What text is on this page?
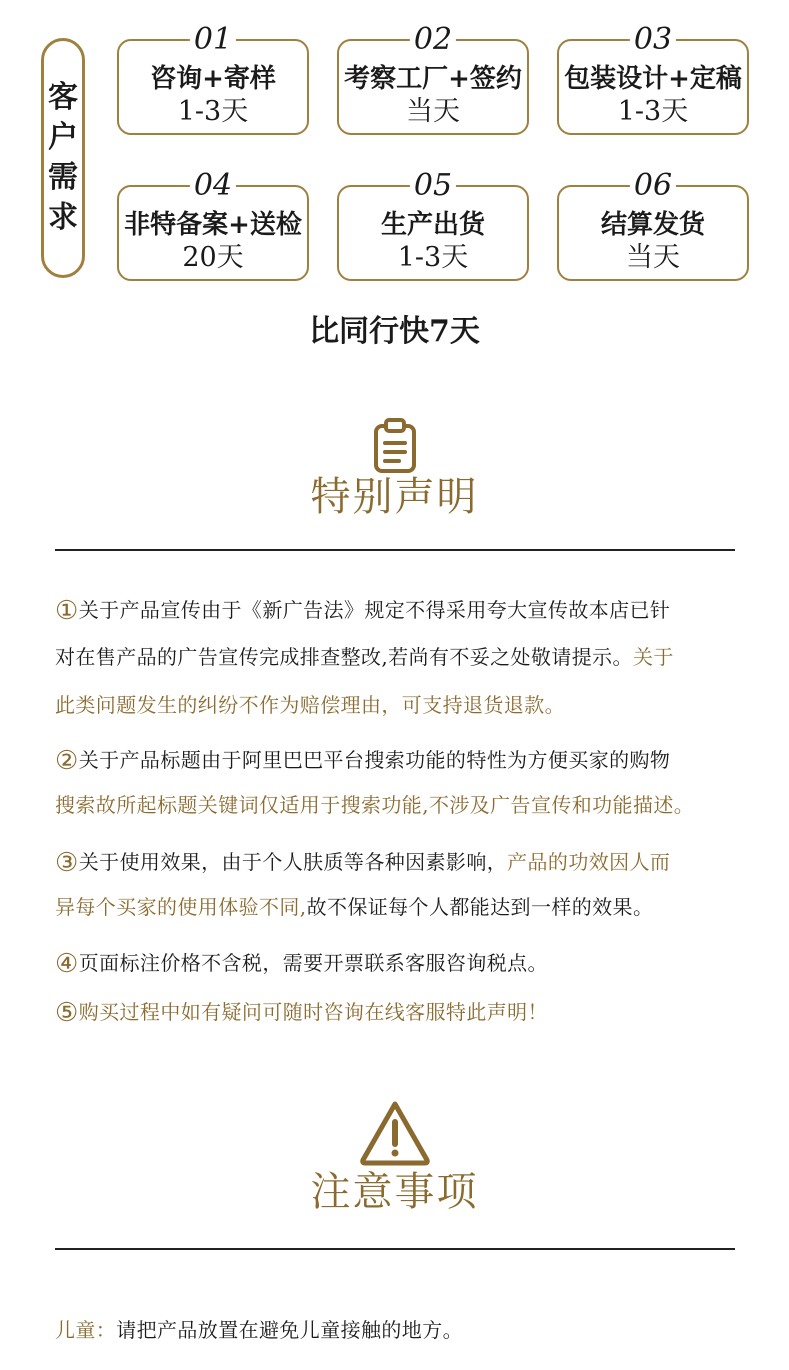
客
户
需
求
01
咨询+寄样
1-3天
02
考察工厂+签约
当天
03
包装设计+定稿
1-3天
04
非特备案+送检
20天
05
生产出货
1-3天
06
结算发货
当天
比同行快7天
特别声明
①关于产品宣传由于《新广告法》规定不得采用夸大宣传故本店已针
对在售产品的广告宣传完成排查整改,若尚有不妥之处敬请提示。关于
此类问题发生的纠纷不作为赔偿理由，可支持退货退款。
②关于产品标题由于阿里巴巴平台搜索功能的特性为方便买家的购物
搜索故所起标题关键词仅适用于搜索功能,不涉及广告宣传和功能描述。
③关于使用效果，由于个人肤质等各种因素影响，产品的功效因人而
异每个买家的使用体验不同,故不保证每个人都能达到一样的效果。
④页面标注价格不含税，需要开票联系客服咨询税点。
⑤购买过程中如有疑问可随时咨询在线客服特此声明！
注意事项
儿童：请把产品放置在避免儿童接触的地方。
